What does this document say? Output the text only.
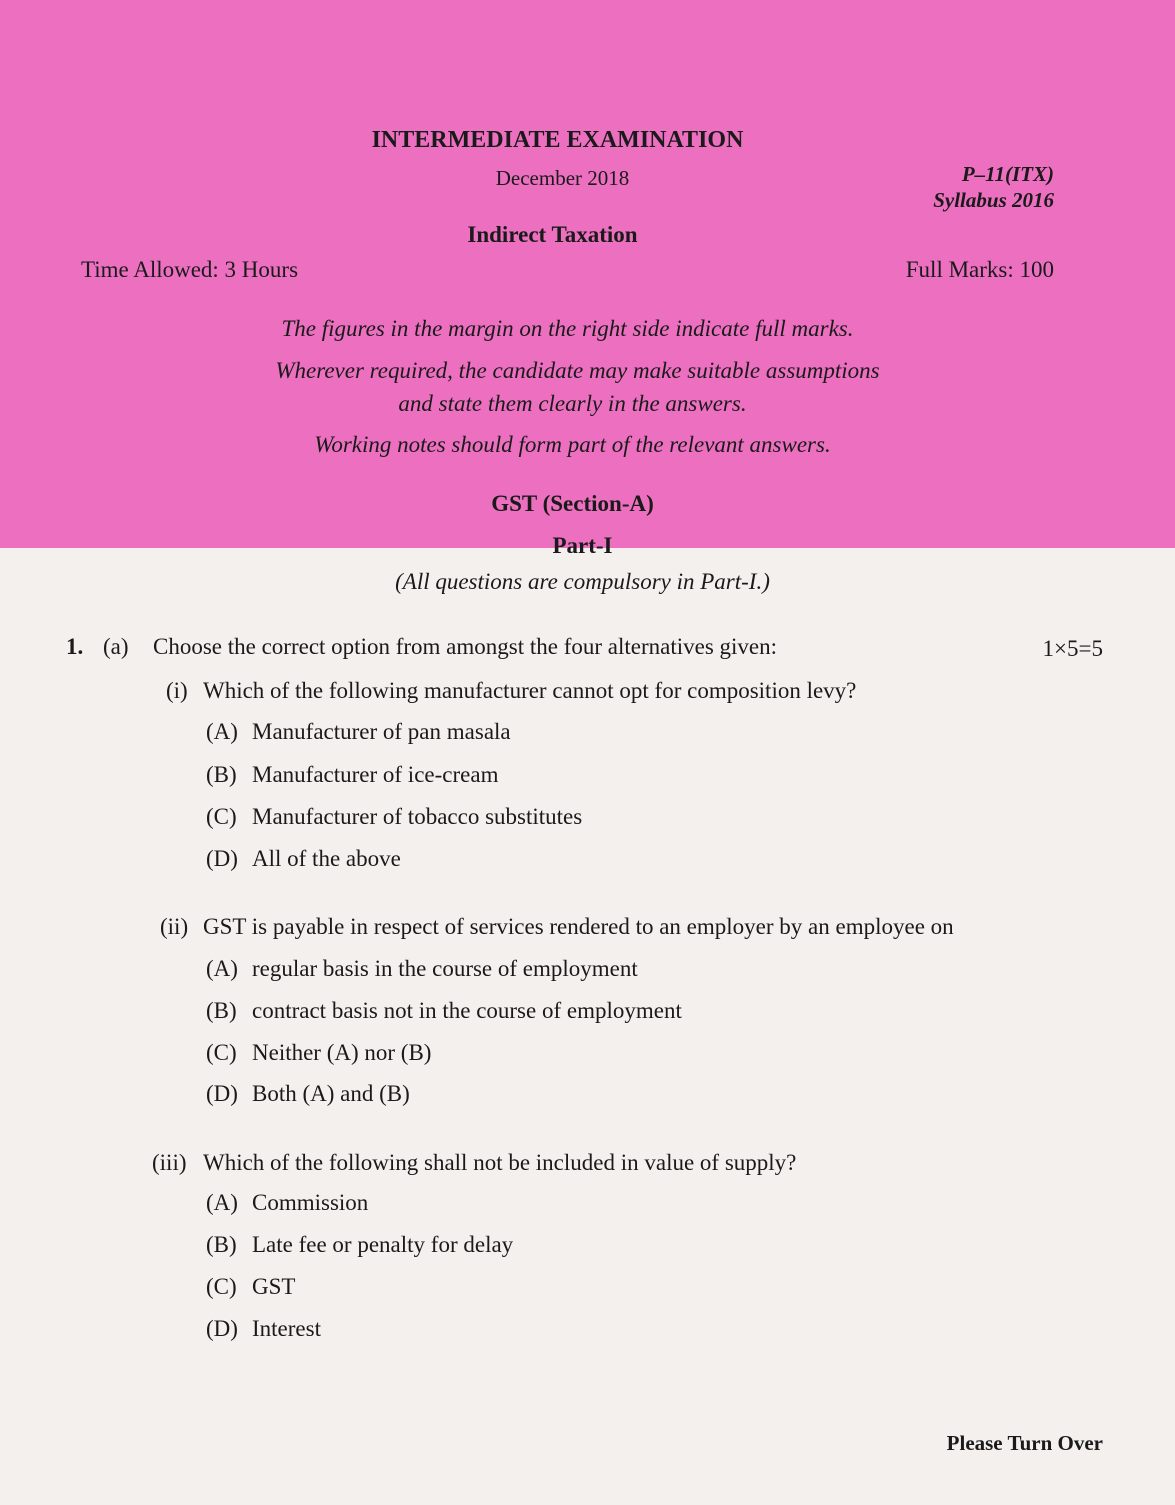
INTERMEDIATE EXAMINATION
December 2018	P–11(ITX)
Syllabus 2016
Indirect Taxation
Time Allowed: 3 Hours	Full Marks: 100
The figures in the margin on the right side indicate full marks.
Wherever required, the candidate may make suitable assumptions
and state them clearly in the answers.
Working notes should form part of the relevant answers.
GST (Section-A)
Part-I
(All questions are compulsory in Part-I.)
1. (a) Choose the correct option from amongst the four alternatives given:	1×5=5
(i) Which of the following manufacturer cannot opt for composition levy?
(A) Manufacturer of pan masala
(B) Manufacturer of ice-cream
(C) Manufacturer of tobacco substitutes
(D) All of the above
(ii) GST is payable in respect of services rendered to an employer by an employee on
(A) regular basis in the course of employment
(B) contract basis not in the course of employment
(C) Neither (A) nor (B)
(D) Both (A) and (B)
(iii) Which of the following shall not be included in value of supply?
(A) Commission
(B) Late fee or penalty for delay
(C) GST
(D) Interest
Please Turn Over
